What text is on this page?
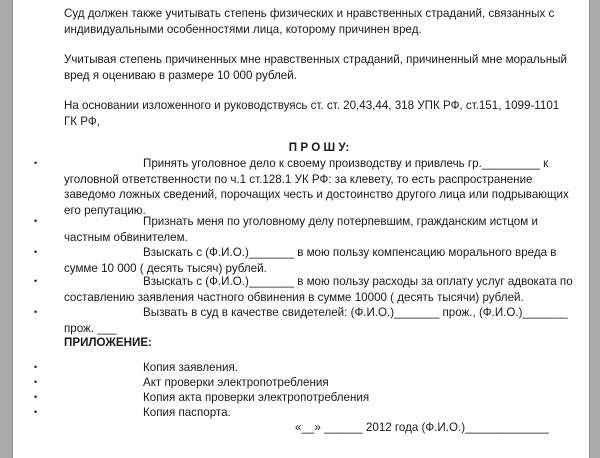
Суд должен также учитывать степень физических и нравственных страданий, связанных с индивидуальными особенностями лица, которому причинен вред.
Учитывая степень причиненных мне нравственных страданий, причиненный мне моральный вред я оцениваю в размере 10 000 рублей.
На основании изложенного и руководствуясь ст. ст. 20,43,44, 318 УПК РФ, ст.151, 1099-1101 ГК РФ,
П Р О Ш У:
•	Принять уголовное дело к своему производству и привлечь гр._________ к уголовной ответственности по ч.1 ст.128.1 УК РФ: за клевету, то есть распространение заведомо ложных сведений, порочащих честь и достоинство другого лица или подрывающих его репутацию.
•	Признать меня по уголовному делу потерпевшим, гражданским истцом и частным обвинителем.
•	Взыскать с (Ф.И.О.)_______ в мою пользу компенсацию морального вреда в сумме 10 000 ( десять тысяч) рублей.
•	Взыскать с (Ф.И.О.)_______ в мою пользу расходы за оплату услуг адвоката по составлению заявления частного обвинения в сумме 10000 ( десять тысячи) рублей.
•	Вызвать в суд в качестве свидетелей: (Ф.И.О.)_______ прож., (Ф.И.О.)_______ прож. ___
ПРИЛОЖЕНИЕ:
•	Копия заявления.
•	Акт проверки электропотребления
•	Копия акта проверки электропотребления
•	Копия паспорта.
«__» ______ 2012 года (Ф.И.О.)_____________
